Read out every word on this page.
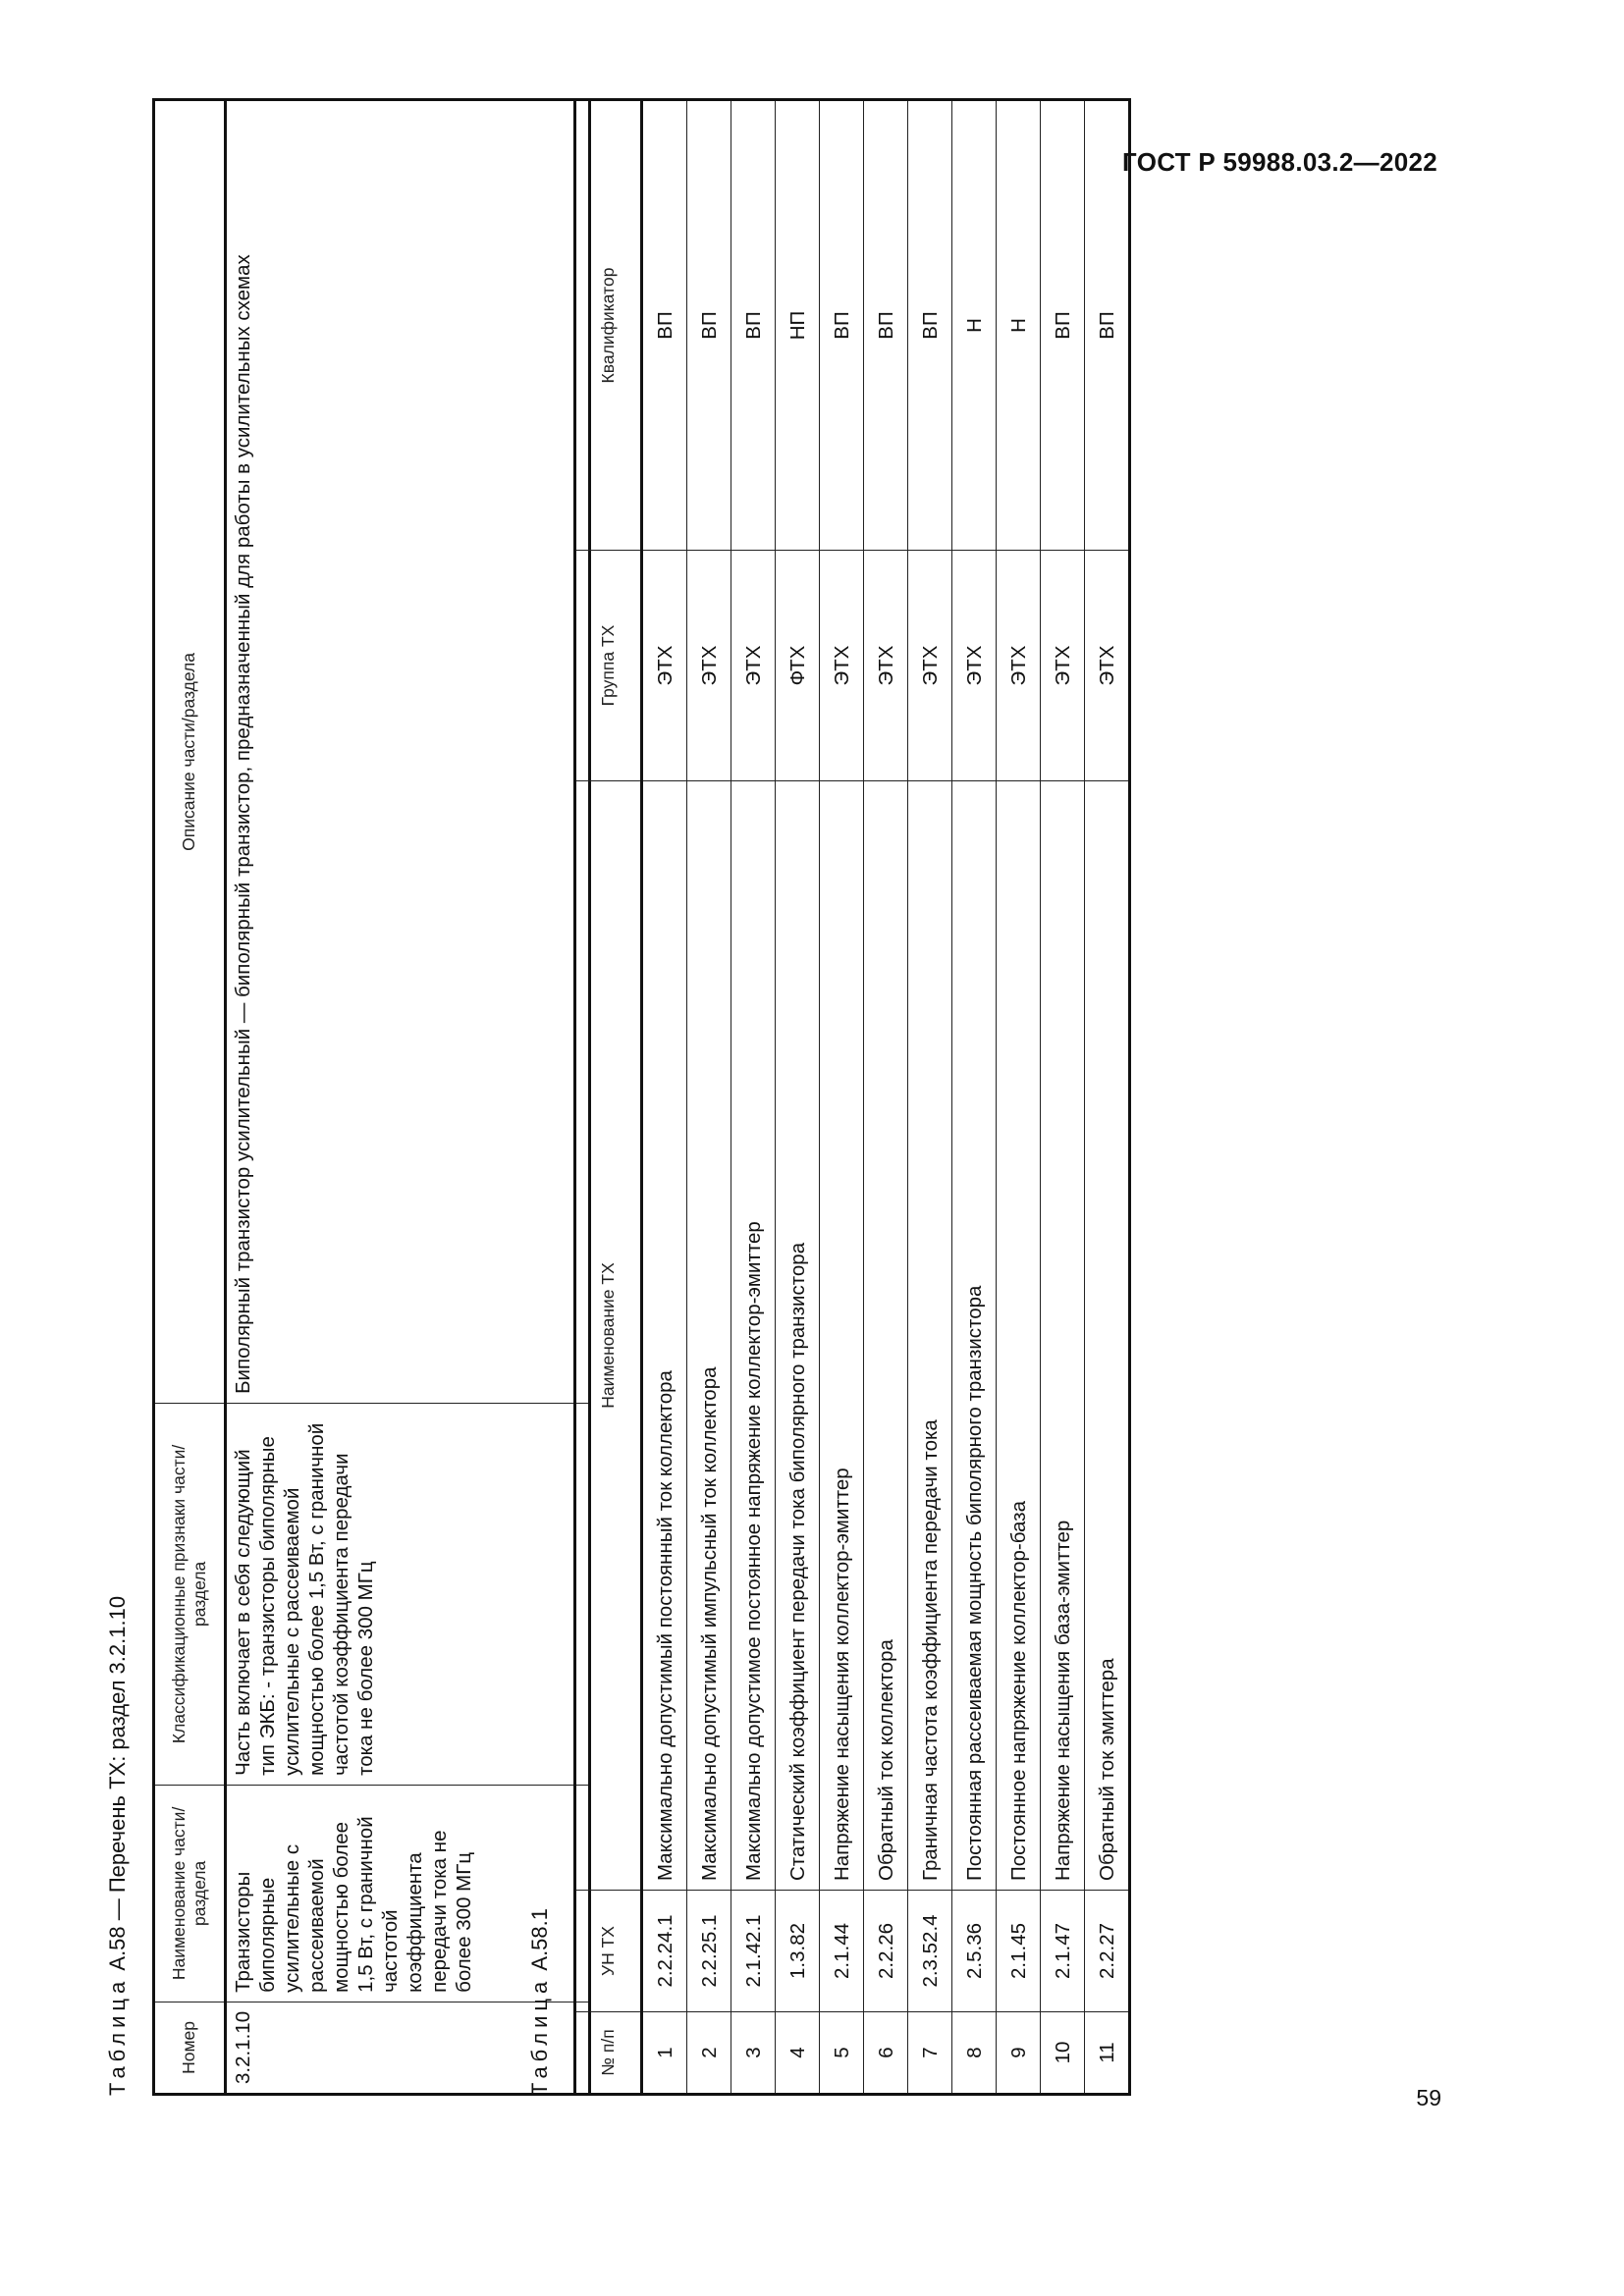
ГОСТ Р 59988.03.2—2022
Таблица А.58 — Перечень ТХ: раздел 3.2.1.10
Номер	Наименование части/ раздела	Классификационные признаки части/ раздела	Описание части/раздела
3.2.1.10	Транзисторы биполярные усилительные с рассеиваемой мощностью более 1,5 Вт, с граничной частотой коэффициента передачи тока не более 300 МГц	Часть включает в себя следующий тип ЭКБ: - транзисторы биполярные усилительные с рассеиваемой мощностью более 1,5 Вт, с граничной частотой коэффициента передачи тока не более 300 МГц	Биполярный транзистор усилительный — биполярный транзистор, предназначенный для работы в усилительных схемах
Таблица А.58.1
№ п/п	УН ТХ	Наименование ТХ	Группа ТХ	Квалификатор
1	2.2.24.1	Максимально допустимый постоянный ток коллектора	ЭТХ	ВП
2	2.2.25.1	Максимально допустимый импульсный ток коллектора	ЭТХ	ВП
3	2.1.42.1	Максимально допустимое постоянное напряжение коллектор-эмиттер	ЭТХ	ВП
4	1.3.82	Статический коэффициент передачи тока биполярного транзистора	ФТХ	НП
5	2.1.44	Напряжение насыщения коллектор-эмиттер	ЭТХ	ВП
6	2.2.26	Обратный ток коллектора	ЭТХ	ВП
7	2.3.52.4	Граничная частота коэффициента передачи тока	ЭТХ	ВП
8	2.5.36	Постоянная рассеиваемая мощность биполярного транзистора	ЭТХ	Н
9	2.1.45	Постоянное напряжение коллектор-база	ЭТХ	Н
10	2.1.47	Напряжение насыщения база-эмиттер	ЭТХ	ВП
11	2.2.27	Обратный ток эмиттера	ЭТХ	ВП
59
